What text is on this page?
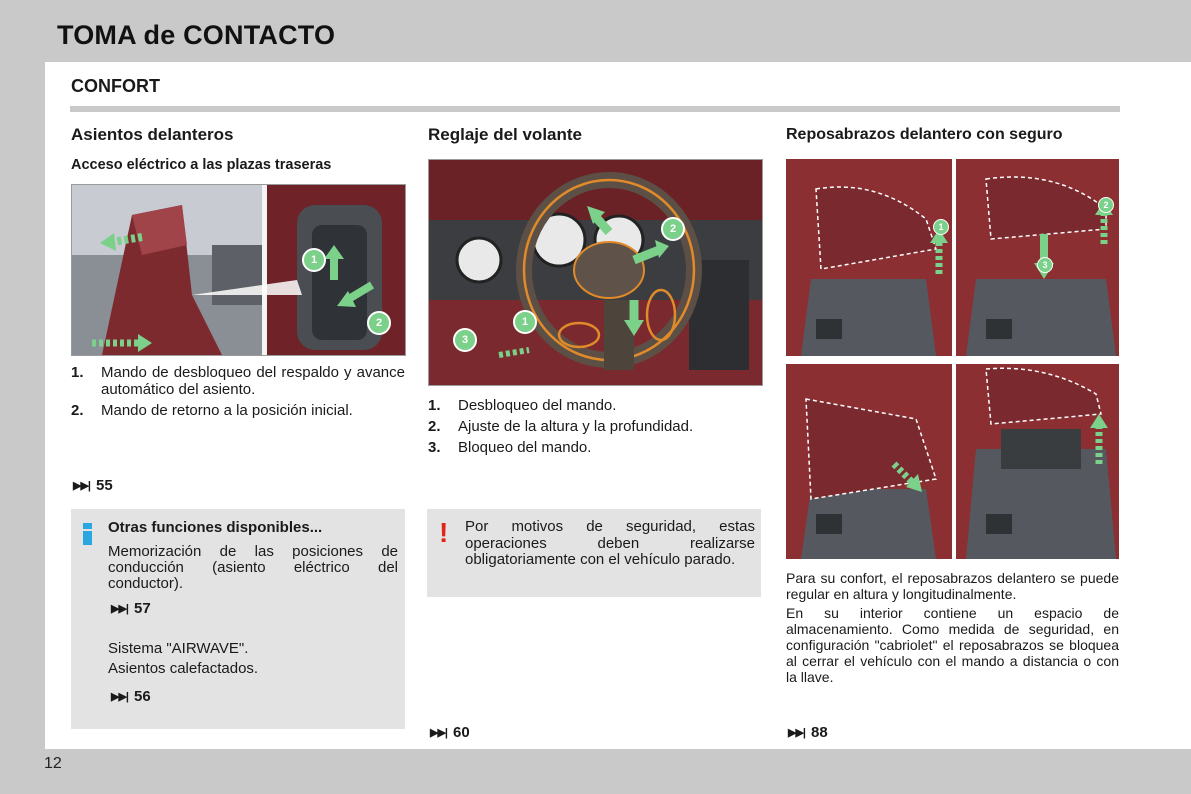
TOMA de CONTACTO
CONFORT
Asientos delanteros
Acceso eléctrico a las plazas traseras
1
2
1.	Mando de desbloqueo del respaldo y avance automático del asiento.
2.	Mando de retorno a la posición inicial.
▶▶| 55
Otras funciones disponibles...
Memorización de las posiciones de conducción (asiento eléctrico del conductor).
▶▶| 57
Sistema "AIRWAVE".
Asientos calefactados.
▶▶| 56
Reglaje del volante
1
2
3
1.	Desbloqueo del mando.
2.	Ajuste de la altura y la profundidad.
3.	Bloqueo del mando.
! Por motivos de seguridad, estas operaciones deben realizarse obligatoriamente con el vehículo parado.
▶▶| 60
Reposabrazos delantero con seguro
1
2
3
Para su confort, el reposabrazos delantero se puede regular en altura y longitudinalmente.
En su interior contiene un espacio de almacenamiento. Como medida de seguridad, en configuración "cabriolet" el reposabrazos se bloquea al cerrar el vehículo con el mando a distancia o con la llave.
▶▶| 88
12
